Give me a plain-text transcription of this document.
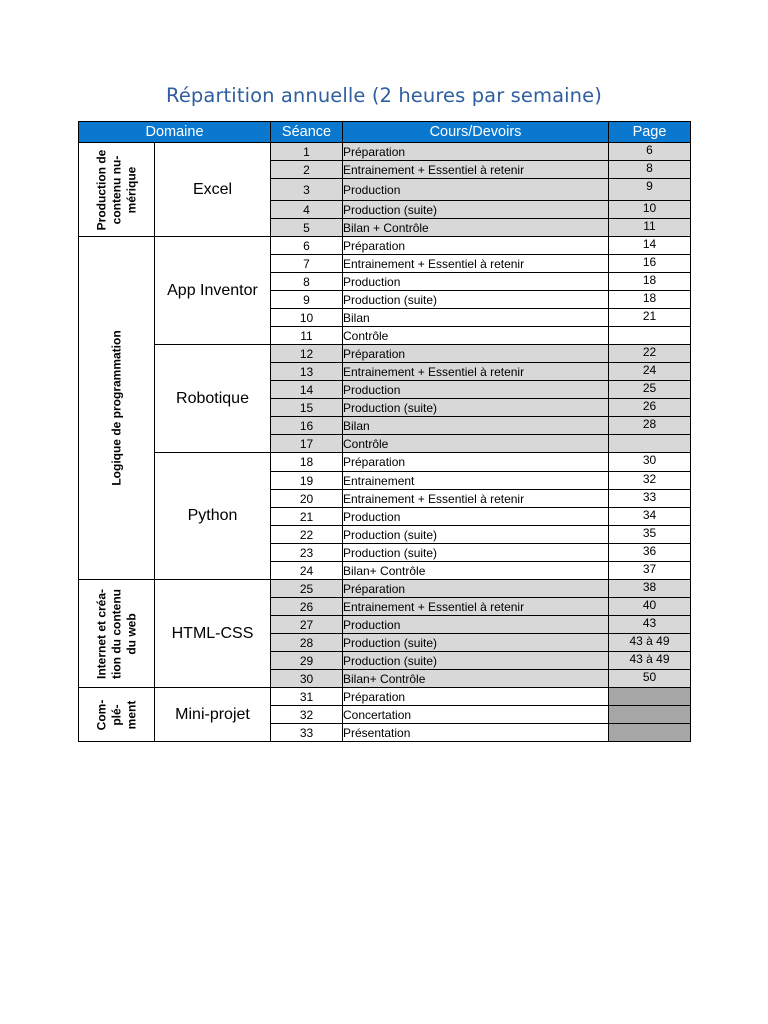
Répartition annuelle (2 heures par semaine)
Domaine		Séance	Cours/Devoirs	Page

Production de contenu nu- mérique	Excel	1	Préparation	6
		2	Entrainement + Essentiel à retenir	8
		3	Production	9
		4	Production (suite)	10
		5	Bilan + Contrôle	11

Logique de programmation	App Inventor	6	Préparation	14
		7	Entrainement + Essentiel à retenir	16
		8	Production	18
		9	Production (suite)	18
		10	Bilan	21
		11	Contrôle	
	Robotique	12	Préparation	22
		13	Entrainement + Essentiel à retenir	24
		14	Production	25
		15	Production (suite)	26
		16	Bilan	28
		17	Contrôle	
	Python	18	Préparation	30
		19	Entrainement	32
		20	Entrainement + Essentiel à retenir	33
		21	Production	34
		22	Production (suite)	35
		23	Production (suite)	36
		24	Bilan+ Contrôle	37

Internet et créa- tion du contenu du web	HTML-CSS	25	Préparation	38
		26	Entrainement + Essentiel à retenir	40
		27	Production	43
		28	Production (suite)	43 à 49
		29	Production (suite)	43 à 49
		30	Bilan+ Contrôle	50

Com- plé- ment	Mini-projet	31	Préparation	
		32	Concertation	
		33	Présentation	
